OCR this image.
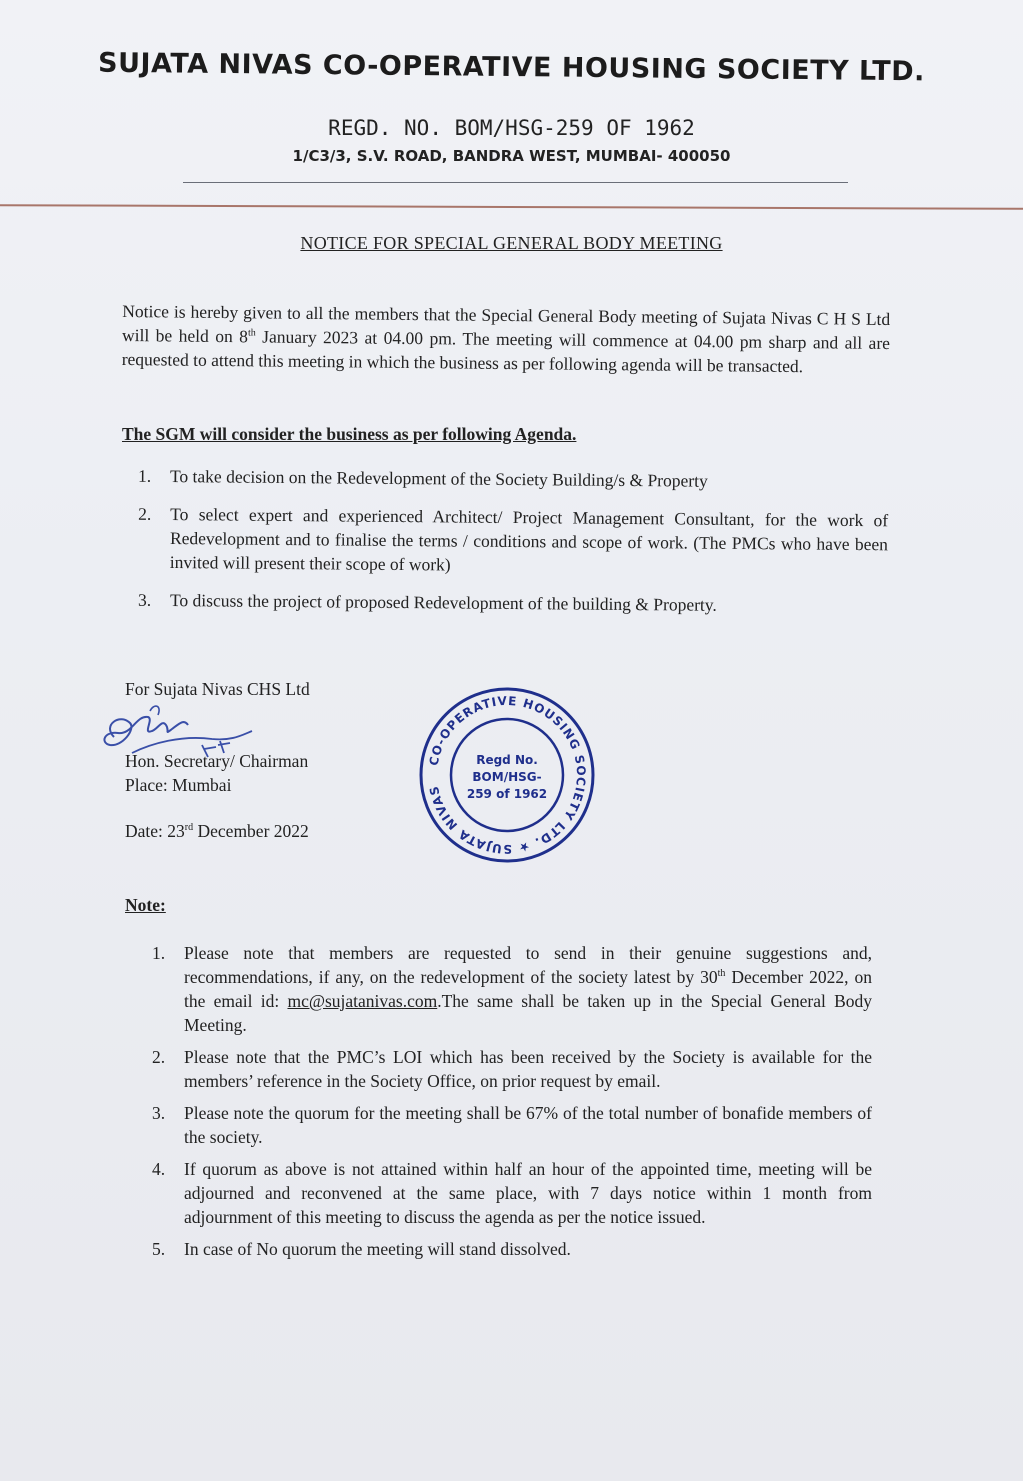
SUJATA NIVAS CO-OPERATIVE HOUSING SOCIETY LTD.
REGD. NO. BOM/HSG-259 OF 1962
1/C3/3, S.V. ROAD, BANDRA WEST, MUMBAI- 400050
NOTICE FOR SPECIAL GENERAL BODY MEETING

Notice is hereby given to all the members that the Special General Body meeting of Sujata Nivas C H S Ltd will be held on 8th January 2023 at 04.00 pm. The meeting will commence at 04.00 pm sharp and all are requested to attend this meeting in which the business as per following agenda will be transacted.

The SGM will consider the business as per following Agenda.
1. To take decision on the Redevelopment of the Society Building/s & Property
2. To select expert and experienced Architect/ Project Management Consultant, for the work of Redevelopment and to finalise the terms / conditions and scope of work. (The PMCs who have been invited will present their scope of work)
3. To discuss the project of proposed Redevelopment of the building & Property.
For Sujata Nivas CHS Ltd
Hon. Secretary/ Chairman
Place: Mumbai
Date: 23rd December 2022
CO-OPERATIVE HOUSING SOCIETY LTD. ★ SUJATA NIVAS
Regd No.
BOM/HSG-
259 of 1962
Note:
1. Please note that members are requested to send in their genuine suggestions and, recommendations, if any, on the redevelopment of the society latest by 30th December 2022, on the email id: mc@sujatanivas.com.The same shall be taken up in the Special General Body Meeting.
2. Please note that the PMC’s LOI which has been received by the Society is available for the members’ reference in the Society Office, on prior request by email.
3. Please note the quorum for the meeting shall be 67% of the total number of bonafide members of the society.
4. If quorum as above is not attained within half an hour of the appointed time, meeting will be adjourned and reconvened at the same place, with 7 days notice within 1 month from adjournment of this meeting to discuss the agenda as per the notice issued.
5. In case of No quorum the meeting will stand dissolved.
